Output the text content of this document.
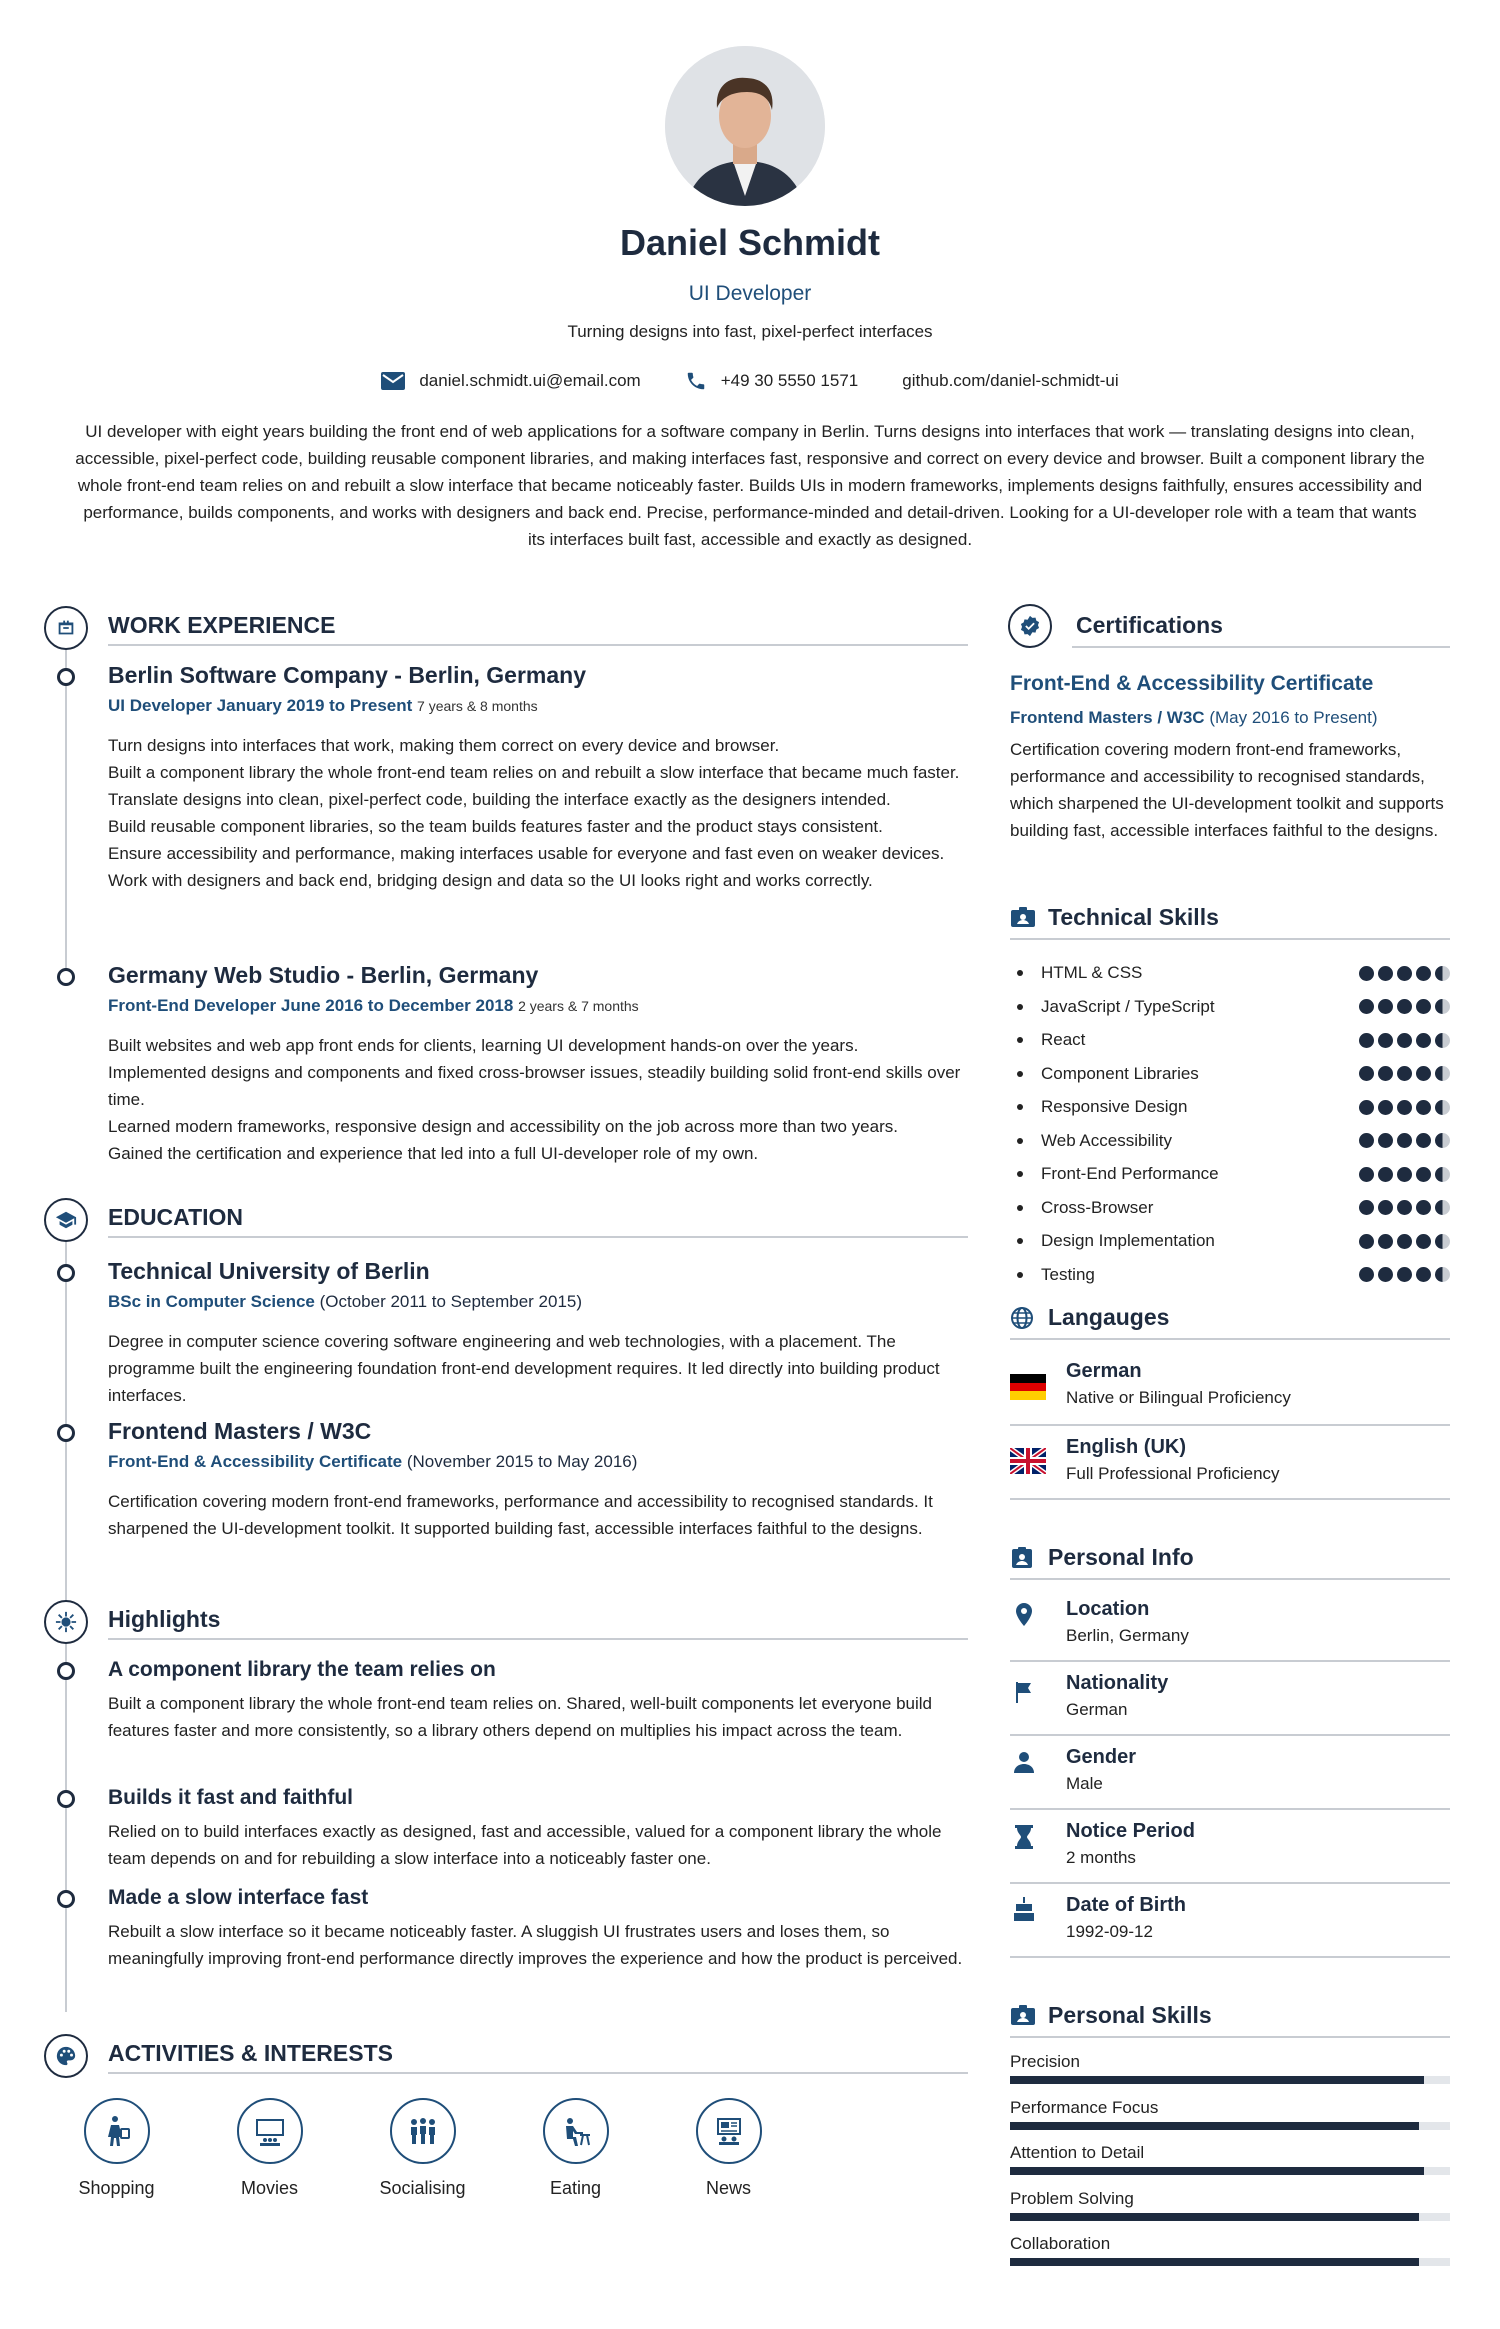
Daniel Schmidt
UI Developer
Turning designs into fast, pixel-perfect interfaces
daniel.schmidt.ui@email.com	+49 30 5550 1571	github.com/daniel-schmidt-ui
UI developer with eight years building the front end of web applications for a software company in Berlin. Turns designs into interfaces that work — translating designs into clean, accessible, pixel-perfect code, building reusable component libraries, and making interfaces fast, responsive and correct on every device and browser. Built a component library the whole front-end team relies on and rebuilt a slow interface that became noticeably faster. Builds UIs in modern frameworks, implements designs faithfully, ensures accessibility and performance, builds components, and works with designers and back end. Precise, performance-minded and detail-driven. Looking for a UI-developer role with a team that wants its interfaces built fast, accessible and exactly as designed.
WORK EXPERIENCE
Berlin Software Company - Berlin, Germany
UI Developer January 2019 to Present 7 years & 8 months

Turn designs into interfaces that work, making them correct on every device and browser.

Built a component library the whole front-end team relies on and rebuilt a slow interface that became much faster.

Translate designs into clean, pixel-perfect code, building the interface exactly as the designers intended.

Build reusable component libraries, so the team builds features faster and the product stays consistent.

Ensure accessibility and performance, making interfaces usable for everyone and fast even on weaker devices.

Work with designers and back end, bridging design and data so the UI looks right and works correctly.

Germany Web Studio - Berlin, Germany
Front-End Developer June 2016 to December 2018 2 years & 7 months

Built websites and web app front ends for clients, learning UI development hands-on over the years.

Implemented designs and components and fixed cross-browser issues, steadily building solid front-end skills over time.

Learned modern frameworks, responsive design and accessibility on the job across more than two years.

Gained the certification and experience that led into a full UI-developer role of my own.

EDUCATION
Technical University of Berlin
BSc in Computer Science (October 2011 to September 2015)
Degree in computer science covering software engineering and web technologies, with a placement. The programme built the engineering foundation front-end development requires. It led directly into building product interfaces.
Frontend Masters / W3C
Front-End & Accessibility Certificate (November 2015 to May 2016)
Certification covering modern front-end frameworks, performance and accessibility to recognised standards. It sharpened the UI-development toolkit. It supported building fast, accessible interfaces faithful to the designs.
Highlights
A component library the team relies on
Built a component library the whole front-end team relies on. Shared, well-built components let everyone build features faster and more consistently, so a library others depend on multiplies his impact across the team.
Builds it fast and faithful
Relied on to build interfaces exactly as designed, fast and accessible, valued for a component library the whole team depends on and for rebuilding a slow interface into a noticeably faster one.
Made a slow interface fast
Rebuilt a slow interface so it became noticeably faster. A sluggish UI frustrates users and loses them, so meaningfully improving front-end performance directly improves the experience and how the product is perceived.
ACTIVITIES & INTERESTS
Shopping	Movies	Socialising	Eating	News
Certifications
Front-End & Accessibility Certificate
Frontend Masters / W3C (May 2016 to Present)
Certification covering modern front-end frameworks, performance and accessibility to recognised standards, which sharpened the UI-development toolkit and supports building fast, accessible interfaces faithful to the designs.
Technical Skills
HTML & CSS
JavaScript / TypeScript
React
Component Libraries
Responsive Design
Web Accessibility
Front-End Performance
Cross-Browser
Design Implementation
Testing
Langauges
German
Native or Bilingual Proficiency
English (UK)
Full Professional Proficiency
Personal Info
Location
Berlin, Germany
Nationality
German
Gender
Male
Notice Period
2 months
Date of Birth
1992-09-12
Personal Skills
Precision
Performance Focus
Attention to Detail
Problem Solving
Collaboration
